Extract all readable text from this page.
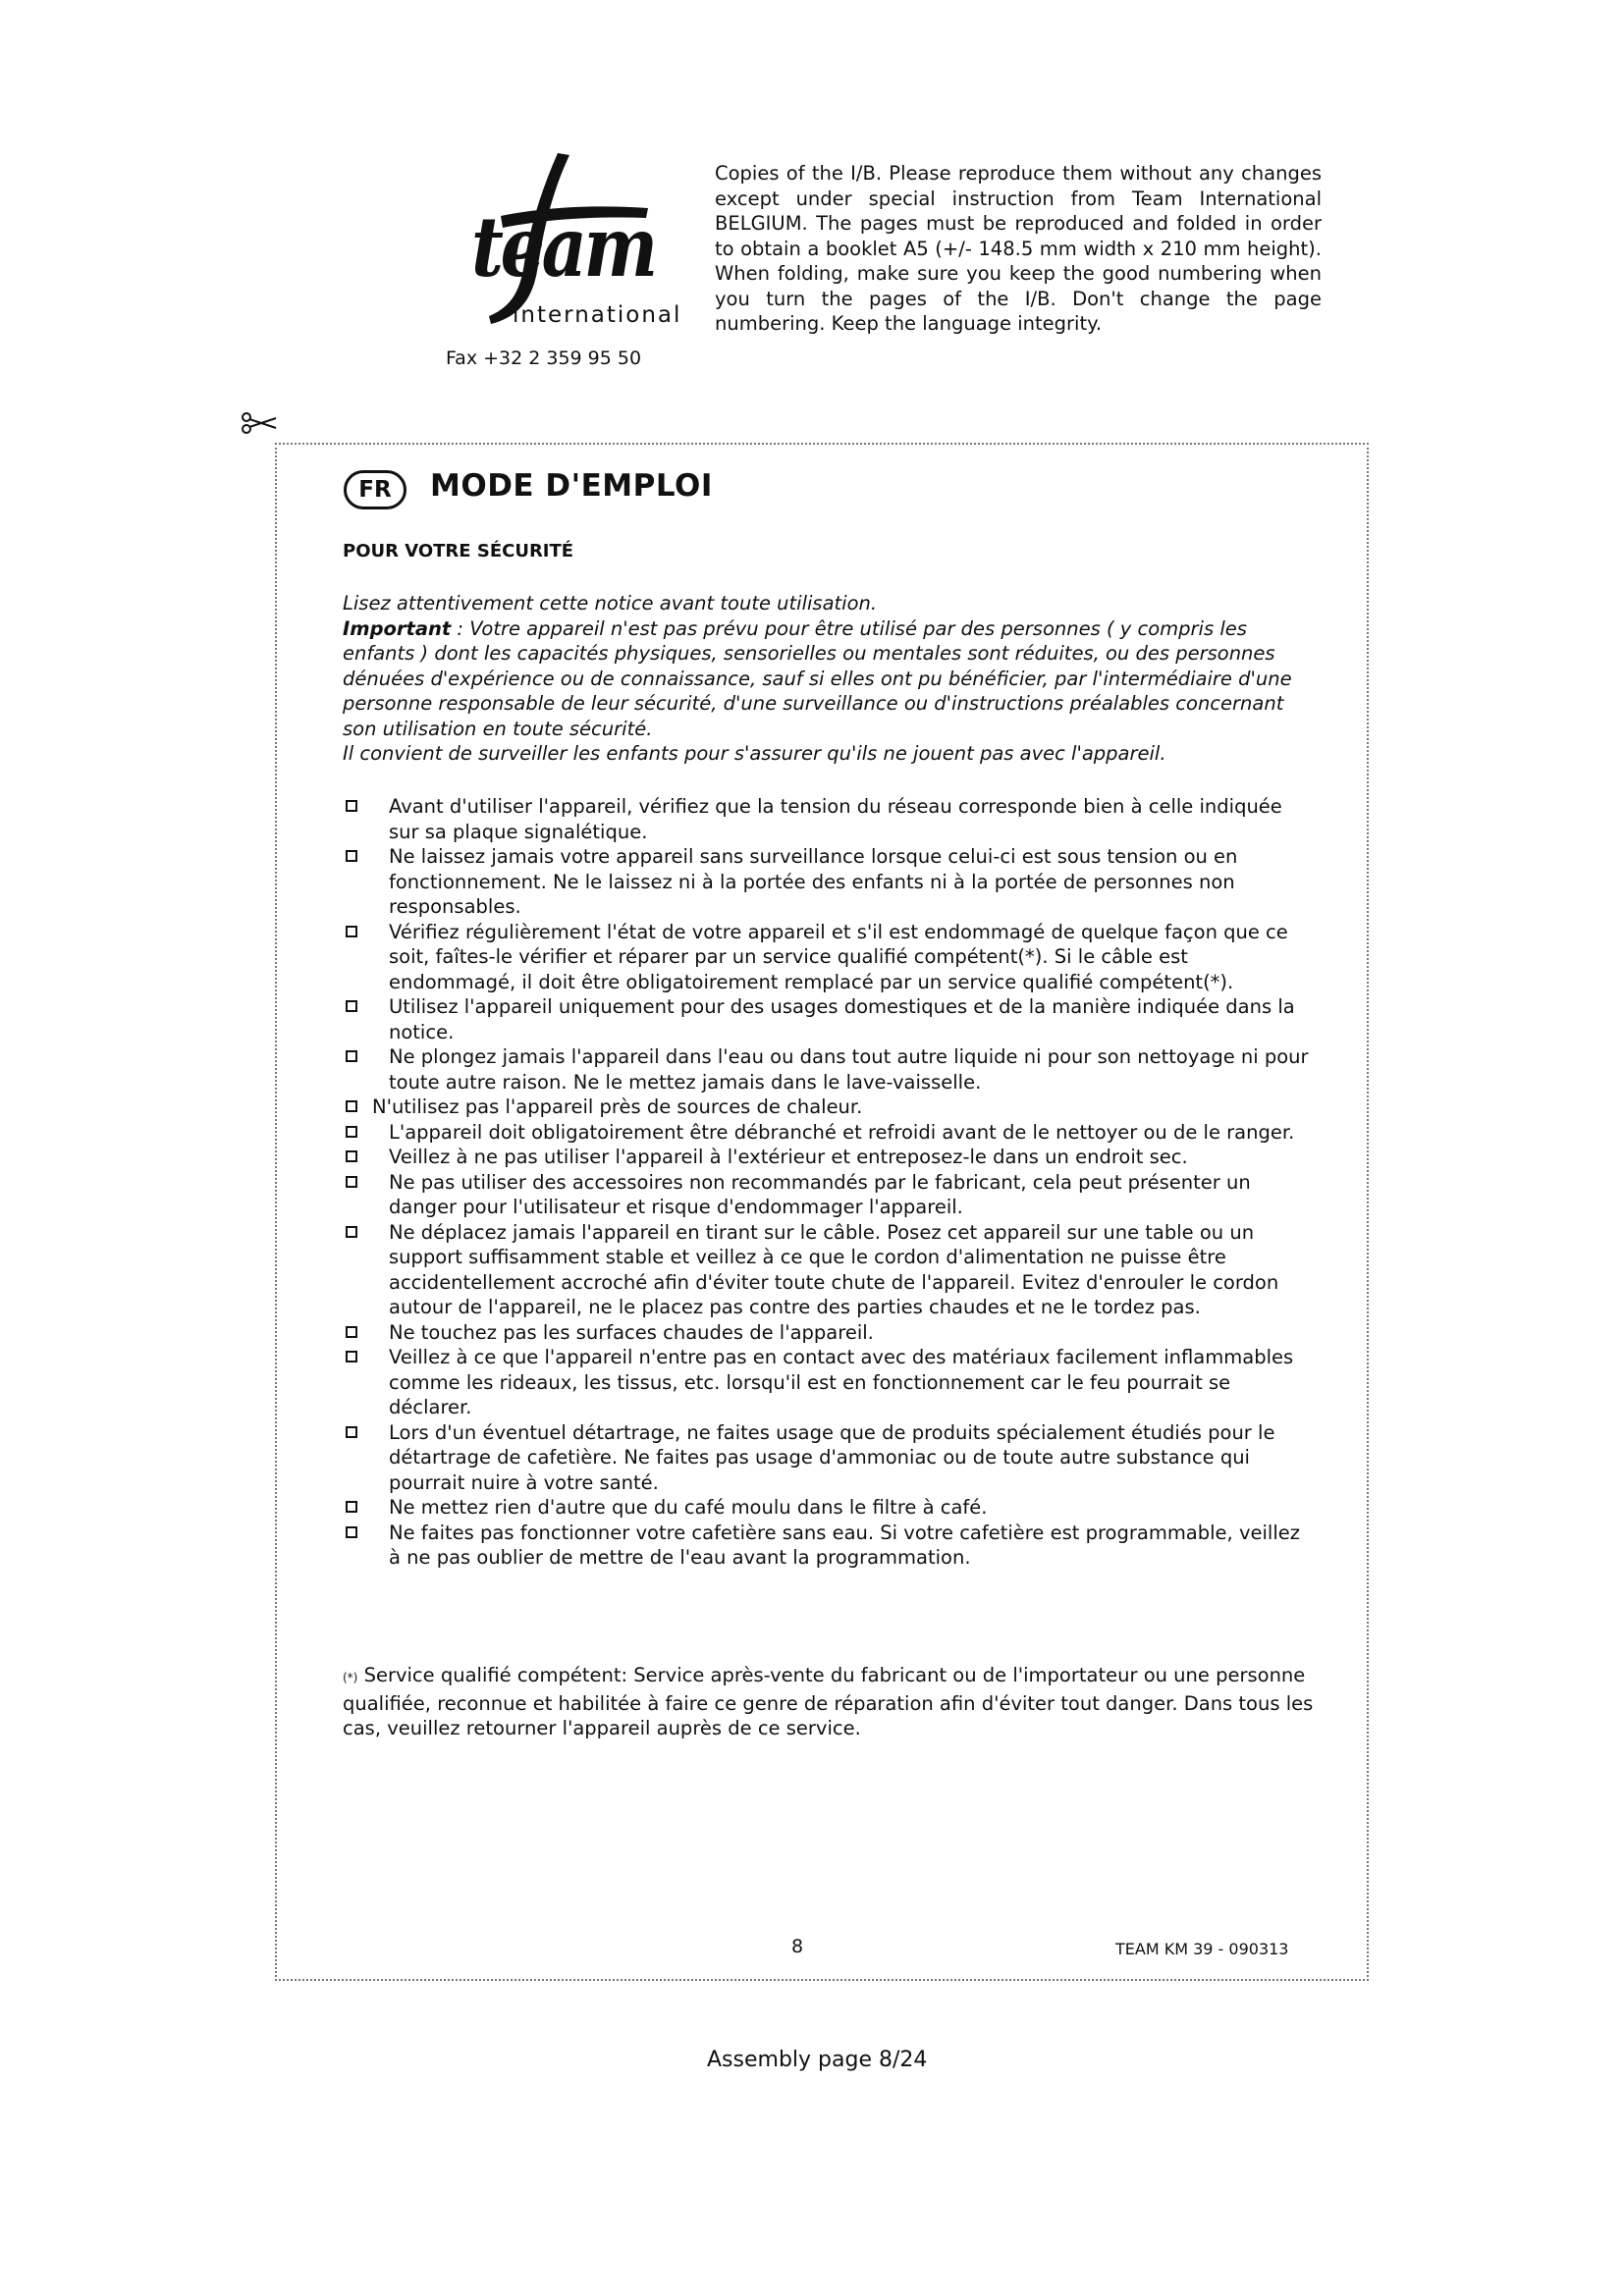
team
international
Fax +32 2 359 95 50
Copies of the I/B. Please reproduce them without any changes except under special instruction from Team International BELGIUM. The pages must be reproduced and folded in order to obtain a booklet A5 (+/- 148.5 mm width x 210 mm height). When folding, make sure you keep the good numbering when you turn the pages of the I/B. Don't change the page numbering. Keep the language integrity.
FR	MODE D'EMPLOI
POUR VOTRE SÉCURITÉ

Lisez attentivement cette notice avant toute utilisation.

Important : Votre appareil n'est pas prévu pour être utilisé par des personnes ( y compris les enfants ) dont les capacités physiques, sensorielles ou mentales sont réduites, ou des personnes dénuées d'expérience ou de connaissance, sauf si elles ont pu bénéficier, par l'intermédiaire d'une personne responsable de leur sécurité, d'une surveillance ou d'instructions préalables concernant son utilisation en toute sécurité.

Il convient de surveiller les enfants pour s'assurer qu'ils ne jouent pas avec l'appareil.

Avant d'utiliser l'appareil, vérifiez que la tension du réseau corresponde bien à celle indiquée sur sa plaque signalétique.
Ne laissez jamais votre appareil sans surveillance lorsque celui-ci est sous tension ou en fonctionnement. Ne le laissez ni à la portée des enfants ni à la portée de personnes non responsables.
Vérifiez régulièrement l'état de votre appareil et s'il est endommagé de quelque façon que ce soit, faîtes-le vérifier et réparer par un service qualifié compétent(*). Si le câble est endommagé, il doit être obligatoirement remplacé par un service qualifié compétent(*).
Utilisez l'appareil uniquement pour des usages domestiques et de la manière indiquée dans la notice.
Ne plongez jamais l'appareil dans l'eau ou dans tout autre liquide ni pour son nettoyage ni pour toute autre raison. Ne le mettez jamais dans le lave-vaisselle.
N'utilisez pas l'appareil près de sources de chaleur.
L'appareil doit obligatoirement être débranché et refroidi avant de le nettoyer ou de le ranger.
Veillez à ne pas utiliser l'appareil à l'extérieur et entreposez-le dans un endroit sec.
Ne pas utiliser des accessoires non recommandés par le fabricant, cela peut présenter un danger pour l'utilisateur et risque d'endommager l'appareil.
Ne déplacez jamais l'appareil en tirant sur le câble. Posez cet appareil sur une table ou un support suffisamment stable et veillez à ce que le cordon d'alimentation ne puisse être accidentellement accroché afin d'éviter toute chute de l'appareil. Evitez d'enrouler le cordon autour de l'appareil, ne le placez pas contre des parties chaudes et ne le tordez pas.
Ne touchez pas les surfaces chaudes de l'appareil.
Veillez à ce que l'appareil n'entre pas en contact avec des matériaux facilement inflammables comme les rideaux, les tissus, etc. lorsqu'il est en fonctionnement car le feu pourrait se déclarer.
Lors d'un éventuel détartrage, ne faites usage que de produits spécialement étudiés pour le détartrage de cafetière. Ne faites pas usage d'ammoniac ou de toute autre substance qui pourrait nuire à votre santé.
Ne mettez rien d'autre que du café moulu dans le filtre à café.
Ne faites pas fonctionner votre cafetière sans eau. Si votre cafetière est programmable, veillez à ne pas oublier de mettre de l'eau avant la programmation.
(*) Service qualifié compétent: Service après-vente du fabricant ou de l'importateur ou une personne qualifiée, reconnue et habilitée à faire ce genre de réparation afin d'éviter tout danger. Dans tous les cas, veuillez retourner l'appareil auprès de ce service.
8	TEAM KM 39 - 090313
Assembly page 8/24
